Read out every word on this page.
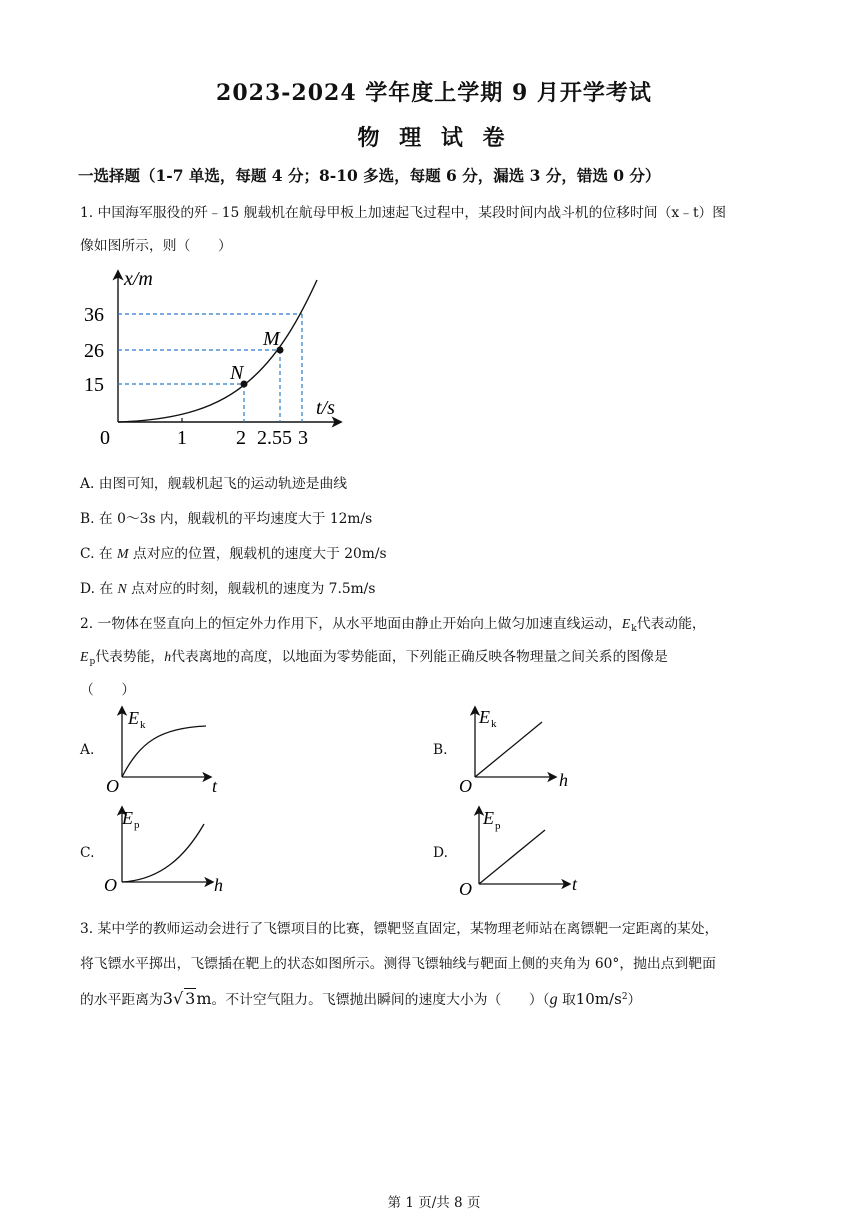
2023-2024 学年度上学期 9 月开学考试
物 理 试 卷
一选择题（1-7 单选，每题 4 分；8-10 多选，每题 6 分，漏选 3 分，错选 0 分）
1. 中国海军服役的歼﹣15 舰载机在航母甲板上加速起飞过程中，某段时间内战斗机的位移时间（x﹣t）图
像如图所示，则（　　）
x/m
t/s
36
26
15
0	1 2 2.55 3
M
N
A. 由图可知，舰载机起飞的运动轨迹是曲线
B. 在 0～3s 内，舰载机的平均速度大于 12m/s
C. 在 M 点对应的位置，舰载机的速度大于 20m/s
D. 在 N 点对应的时刻，舰载机的速度为 7.5m/s
2. 一物体在竖直向上的恒定外力作用下，从水平地面由静止开始向上做匀加速直线运动，$E_k$代表动能，
$E_p$代表势能，h代表离地的高度，以地面为零势能面，下列能正确反映各物理量之间关系的图像是
（　　）
A.
E k
O	t
B.
E k
O	h
C.
E p
O	h
D.
E p
O	t
3. 某中学的教师运动会进行了飞镖项目的比赛，镖靶竖直固定，某物理老师站在离镖靶一定距离的某处，
将飞镖水平掷出，飞镖插在靶上的状态如图所示。测得飞镖轴线与靶面上侧的夹角为 60°，抛出点到靶面
的水平距离为3√ 3m。不计空气阻力。飞镖抛出瞬间的速度大小为（　　）（g 取$10m/s^2$）
第 1 页/共 8 页
